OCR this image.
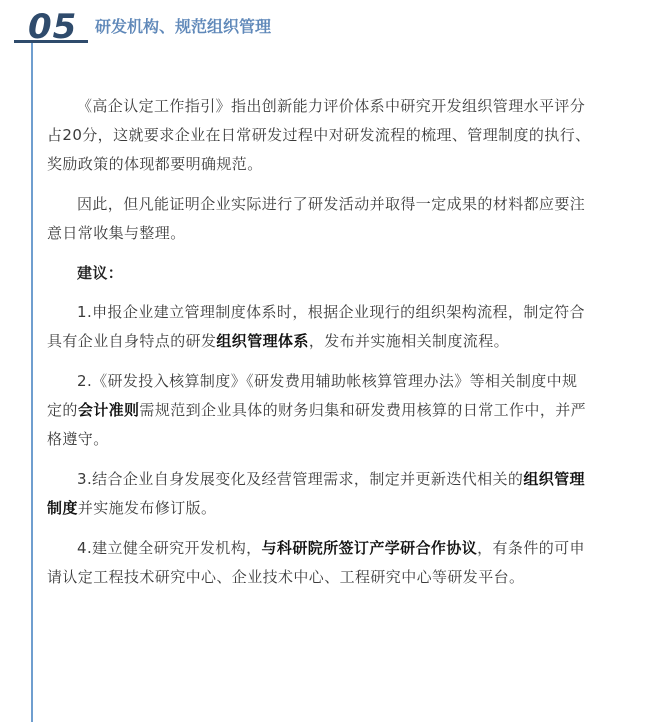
05 研发机构、规范组织管理

《高企认定工作指引》指出创新能力评价体系中研究开发组织管理水平评分占20分，这就要求企业在日常研发过程中对研发流程的梳理、管理制度的执行、奖励政策的体现都要明确规范。

因此，但凡能证明企业实际进行了研发活动并取得一定成果的材料都应要注意日常收集与整理。

建议：

1.申报企业建立管理制度体系时，根据企业现行的组织架构流程，制定符合具有企业自身特点的研发组织管理体系，发布并实施相关制度流程。

2.《研发投入核算制度》《研发费用辅助帐核算管理办法》等相关制度中规定的会计准则需规范到企业具体的财务归集和研发费用核算的日常工作中，并严格遵守。

3.结合企业自身发展变化及经营管理需求，制定并更新迭代相关的组织管理制度并实施发布修订版。

4.建立健全研究开发机构，与科研院所签订产学研合作协议，有条件的可申请认定工程技术研究中心、企业技术中心、工程研究中心等研发平台。
